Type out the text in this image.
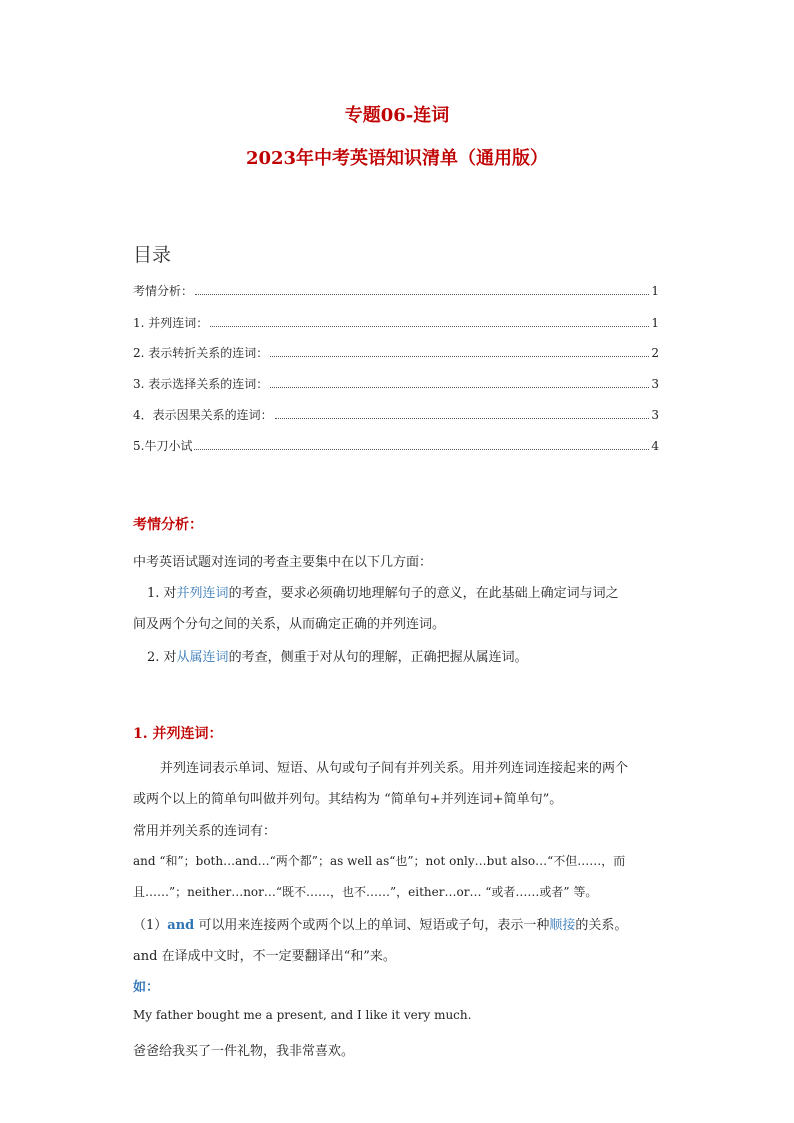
专题06-连词
2023年中考英语知识清单（通用版）
目录
考情分析：	1
1. 并列连词：	1
2. 表示转折关系的连词：	2
3. 表示选择关系的连词：	3
4．表示因果关系的连词：	3
5.牛刀小试	4
考情分析：
中考英语试题对连词的考查主要集中在以下几方面：
1. 对并列连词的考查，要求必须确切地理解句子的意义，在此基础上确定词与词之
间及两个分句之间的关系，从而确定正确的并列连词。
2. 对从属连词的考查，侧重于对从句的理解，正确把握从属连词。
1. 并列连词：
并列连词表示单词、短语、从句或句子间有并列关系。用并列连词连接起来的两个
或两个以上的简单句叫做并列句。其结构为 “简单句+并列连词+简单句”。
常用并列关系的连词有：
and “和”；both…and…“两个都”；as well as“也”；not only…but also…“不但……，而
且……”；neither…nor…“既不……，也不……”，either…or… “或者……或者” 等。
（1）and 可以用来连接两个或两个以上的单词、短语或子句，表示一种顺接的关系。
and 在译成中文时，不一定要翻译出“和”来。
如：
My father bought me a present, and I like it very much.
爸爸给我买了一件礼物，我非常喜欢。
